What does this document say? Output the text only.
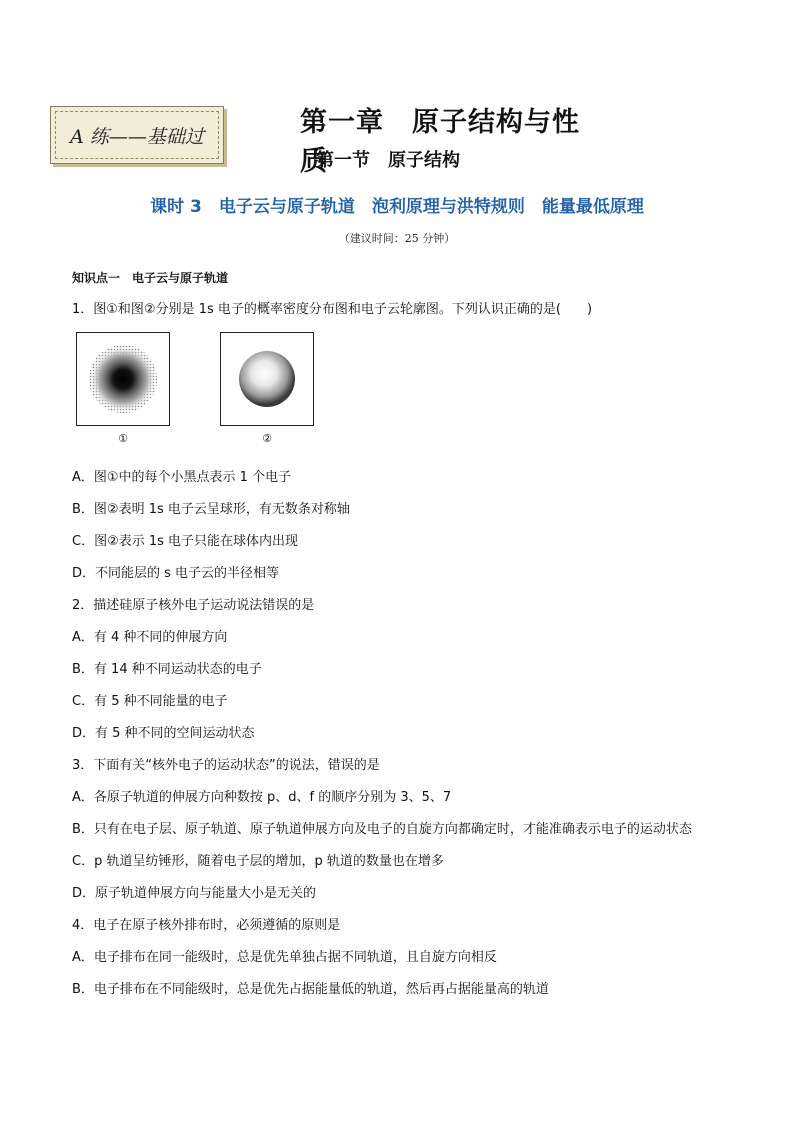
A 练——基础过	第一章　原子结构与性质
第一节　原子结构
课时 3　电子云与原子轨道　泡利原理与洪特规则　能量最低原理
（建议时间：25 分钟）
知识点一　电子云与原子轨道
1．图①和图②分别是 1s 电子的概率密度分布图和电子云轮廓图。下列认识正确的是(　　)
①	②
A．图①中的每个小黑点表示 1 个电子
B．图②表明 1s 电子云呈球形，有无数条对称轴
C．图②表示 1s 电子只能在球体内出现
D．不同能层的 s 电子云的半径相等
2．描述硅原子核外电子运动说法错误的是
A．有 4 种不同的伸展方向
B．有 14 种不同运动状态的电子
C．有 5 种不同能量的电子
D．有 5 种不同的空间运动状态
3．下面有关“核外电子的运动状态”的说法，错误的是
A．各原子轨道的伸展方向种数按 p、d、f 的顺序分别为 3、5、7
B．只有在电子层、原子轨道、原子轨道伸展方向及电子的自旋方向都确定时，才能准确表示电子的运动状态
C．p 轨道呈纺锤形，随着电子层的增加，p 轨道的数量也在增多
D．原子轨道伸展方向与能量大小是无关的
4．电子在原子核外排布时，必须遵循的原则是
A．电子排布在同一能级时，总是优先单独占据不同轨道，且自旋方向相反
B．电子排布在不同能级时，总是优先占据能量低的轨道，然后再占据能量高的轨道
